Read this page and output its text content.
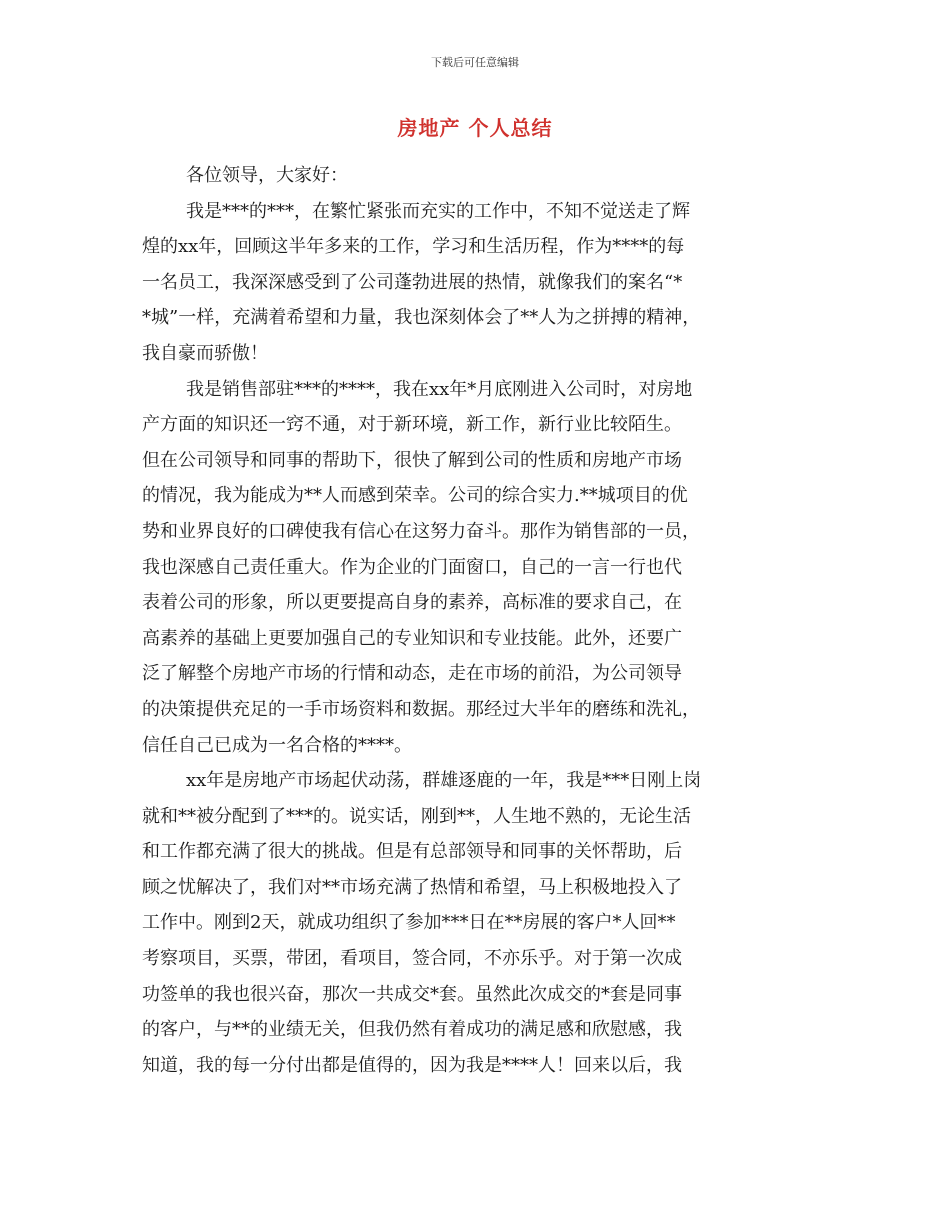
下载后可任意编辑
房地产 个人总结
各位领导，大家好：
我是***的***，在繁忙紧张而充实的工作中，不知不觉送走了辉
煌的xx年，回顾这半年多来的工作，学习和生活历程，作为****的每
一名员工，我深深感受到了公司蓬勃进展的热情，就像我们的案名“*
*城”一样，充满着希望和力量，我也深刻体会了**人为之拼搏的精神，
我自豪而骄傲！
我是销售部驻***的****，我在xx年*月底刚进入公司时，对房地
产方面的知识还一窍不通，对于新环境，新工作，新行业比较陌生。
但在公司领导和同事的帮助下，很快了解到公司的性质和房地产市场
的情况，我为能成为**人而感到荣幸。公司的综合实力.**城项目的优
势和业界良好的口碑使我有信心在这努力奋斗。那作为销售部的一员，
我也深感自己责任重大。作为企业的门面窗口，自己的一言一行也代
表着公司的形象，所以更要提高自身的素养，高标准的要求自己，在
高素养的基础上更要加强自己的专业知识和专业技能。此外，还要广
泛了解整个房地产市场的行情和动态，走在市场的前沿，为公司领导
的决策提供充足的一手市场资料和数据。那经过大半年的磨练和洗礼，
信任自己已成为一名合格的****。
xx年是房地产市场起伏动荡，群雄逐鹿的一年，我是***日刚上岗
就和**被分配到了***的。说实话，刚到**，人生地不熟的，无论生活
和工作都充满了很大的挑战。但是有总部领导和同事的关怀帮助，后
顾之忧解决了，我们对**市场充满了热情和希望，马上积极地投入了
工作中。刚到2天，就成功组织了参加***日在**房展的客户*人回**
考察项目，买票，带团，看项目，签合同，不亦乐乎。对于第一次成
功签单的我也很兴奋，那次一共成交*套。虽然此次成交的*套是同事
的客户，与**的业绩无关，但我仍然有着成功的满足感和欣慰感，我
知道，我的每一分付出都是值得的，因为我是****人！回来以后，我
